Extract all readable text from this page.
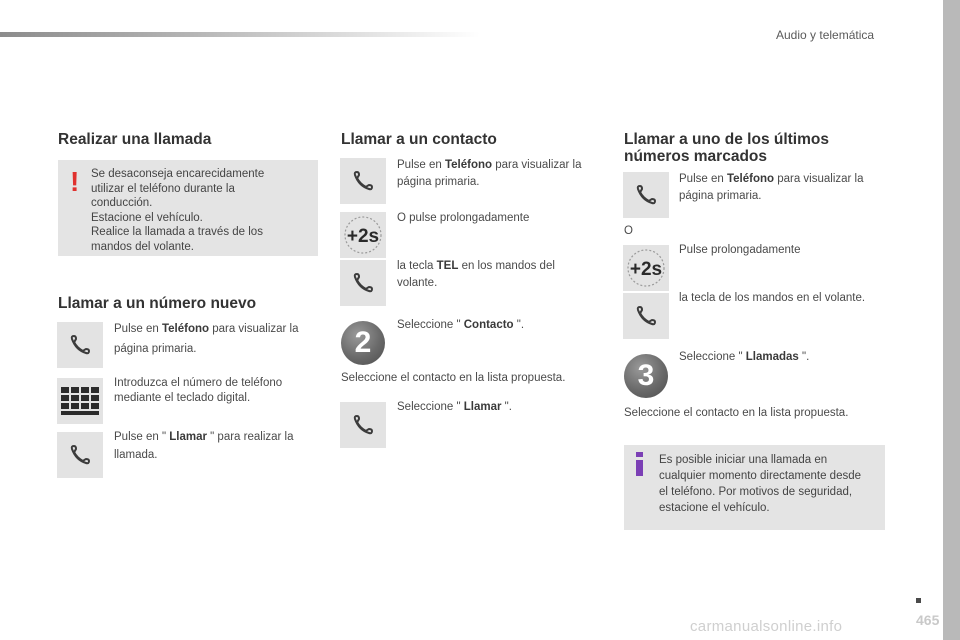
Audio y telemática
Realizar una llamada
! Se desaconseja encarecidamente
utilizar el teléfono durante la
conducción.
Estacione el vehículo.
Realice la llamada a través de los
mandos del volante.
Llamar a un número nuevo
Pulse en Teléfono para visualizar la
página primaria.
Introduzca el número de teléfono
mediante el teclado digital.
Pulse en " Llamar " para realizar la
llamada.
Llamar a un contacto
Pulse en Teléfono para visualizar la
página primaria.
+2s
O pulse prolongadamente
la tecla TEL en los mandos del
volante.
2
Seleccione " Contacto ".
Seleccione el contacto en la lista propuesta.
Seleccione " Llamar ".
Llamar a uno de los últimos
números marcados
Pulse en Teléfono para visualizar la
página primaria.
O
+2s
Pulse prolongadamente
la tecla de los mandos en el volante.
3
Seleccione " Llamadas ".
Seleccione el contacto en la lista propuesta.
Es posible iniciar una llamada en
cualquier momento directamente desde
el teléfono. Por motivos de seguridad,
estacione el vehículo.
carmanualsonline.info	465
